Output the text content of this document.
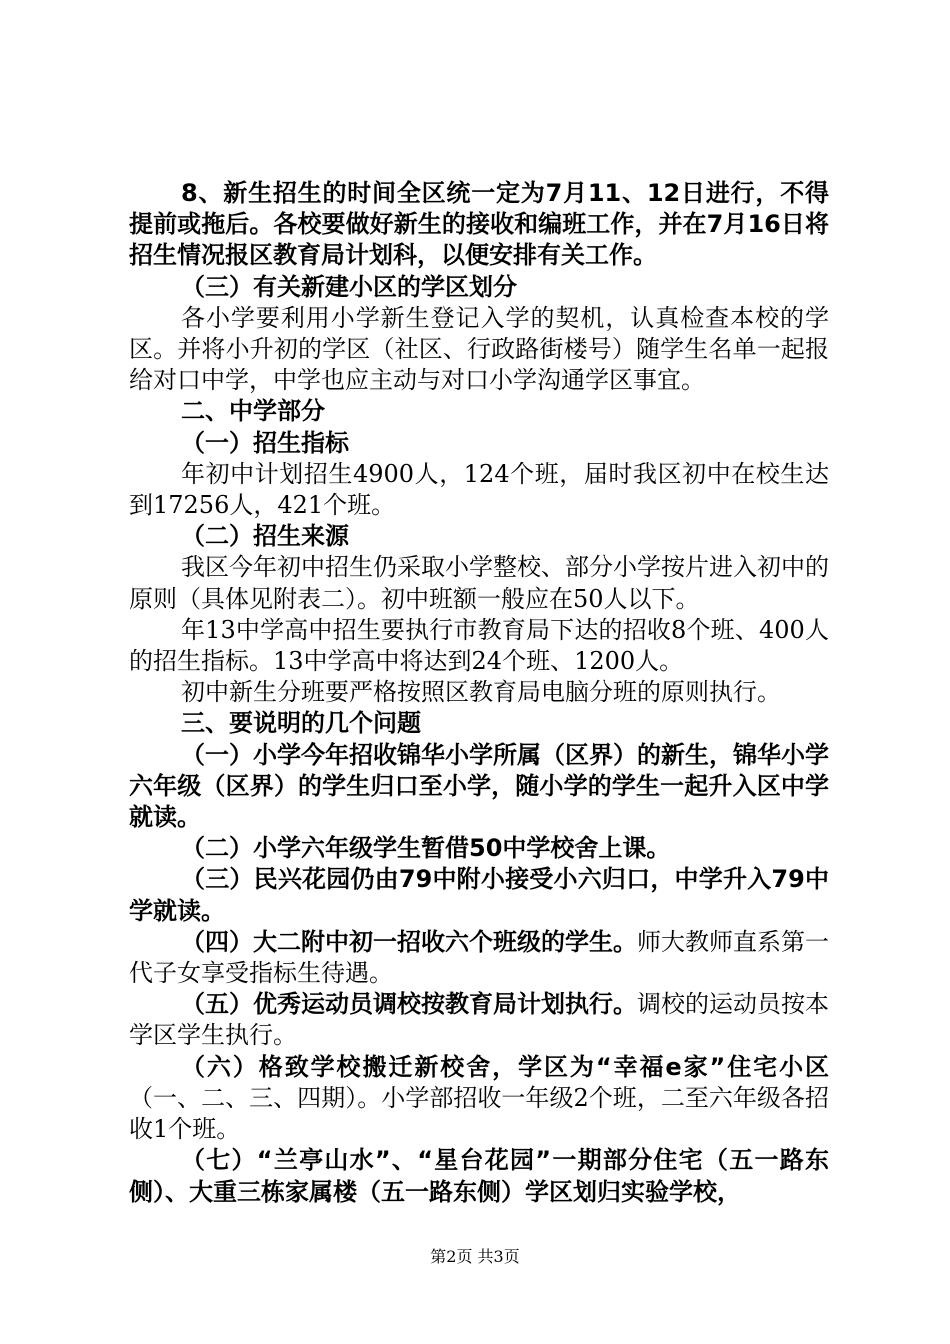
8、新生招生的时间全区统一定为7月11、12日进行，不得提前或拖后。各校要做好新生的接收和编班工作，并在7月16日将招生情况报区教育局计划科，以便安排有关工作。

（三）有关新建小区的学区划分

各小学要利用小学新生登记入学的契机，认真检查本校的学区。并将小升初的学区（社区、行政路街楼号）随学生名单一起报给对口中学，中学也应主动与对口小学沟通学区事宜。

二、中学部分

（一）招生指标

年初中计划招生4900人，124个班，届时我区初中在校生达到17256人，421个班。

（二）招生来源

我区今年初中招生仍采取小学整校、部分小学按片进入初中的原则（具体见附表二）。初中班额一般应在50人以下。

年13中学高中招生要执行市教育局下达的招收8个班、400人的招生指标。13中学高中将达到24个班、1200人。

初中新生分班要严格按照区教育局电脑分班的原则执行。

三、要说明的几个问题

（一）小学今年招收锦华小学所属（区界）的新生，锦华小学六年级（区界）的学生归口至小学，随小学的学生一起升入区中学就读。

（二）小学六年级学生暂借50中学校舍上课。

（三）民兴花园仍由79中附小接受小六归口，中学升入79中学就读。

（四）大二附中初一招收六个班级的学生。师大教师直系第一代子女享受指标生待遇。

（五）优秀运动员调校按教育局计划执行。调校的运动员按本学区学生执行。

（六）格致学校搬迁新校舍，学区为“幸福e家”住宅小区（一、二、三、四期）。小学部招收一年级2个班，二至六年级各招收1个班。

（七）“兰亭山水”、“星台花园”一期部分住宅（五一路东侧）、大重三栋家属楼（五一路东侧）学区划归实验学校，

第2页 共3页
